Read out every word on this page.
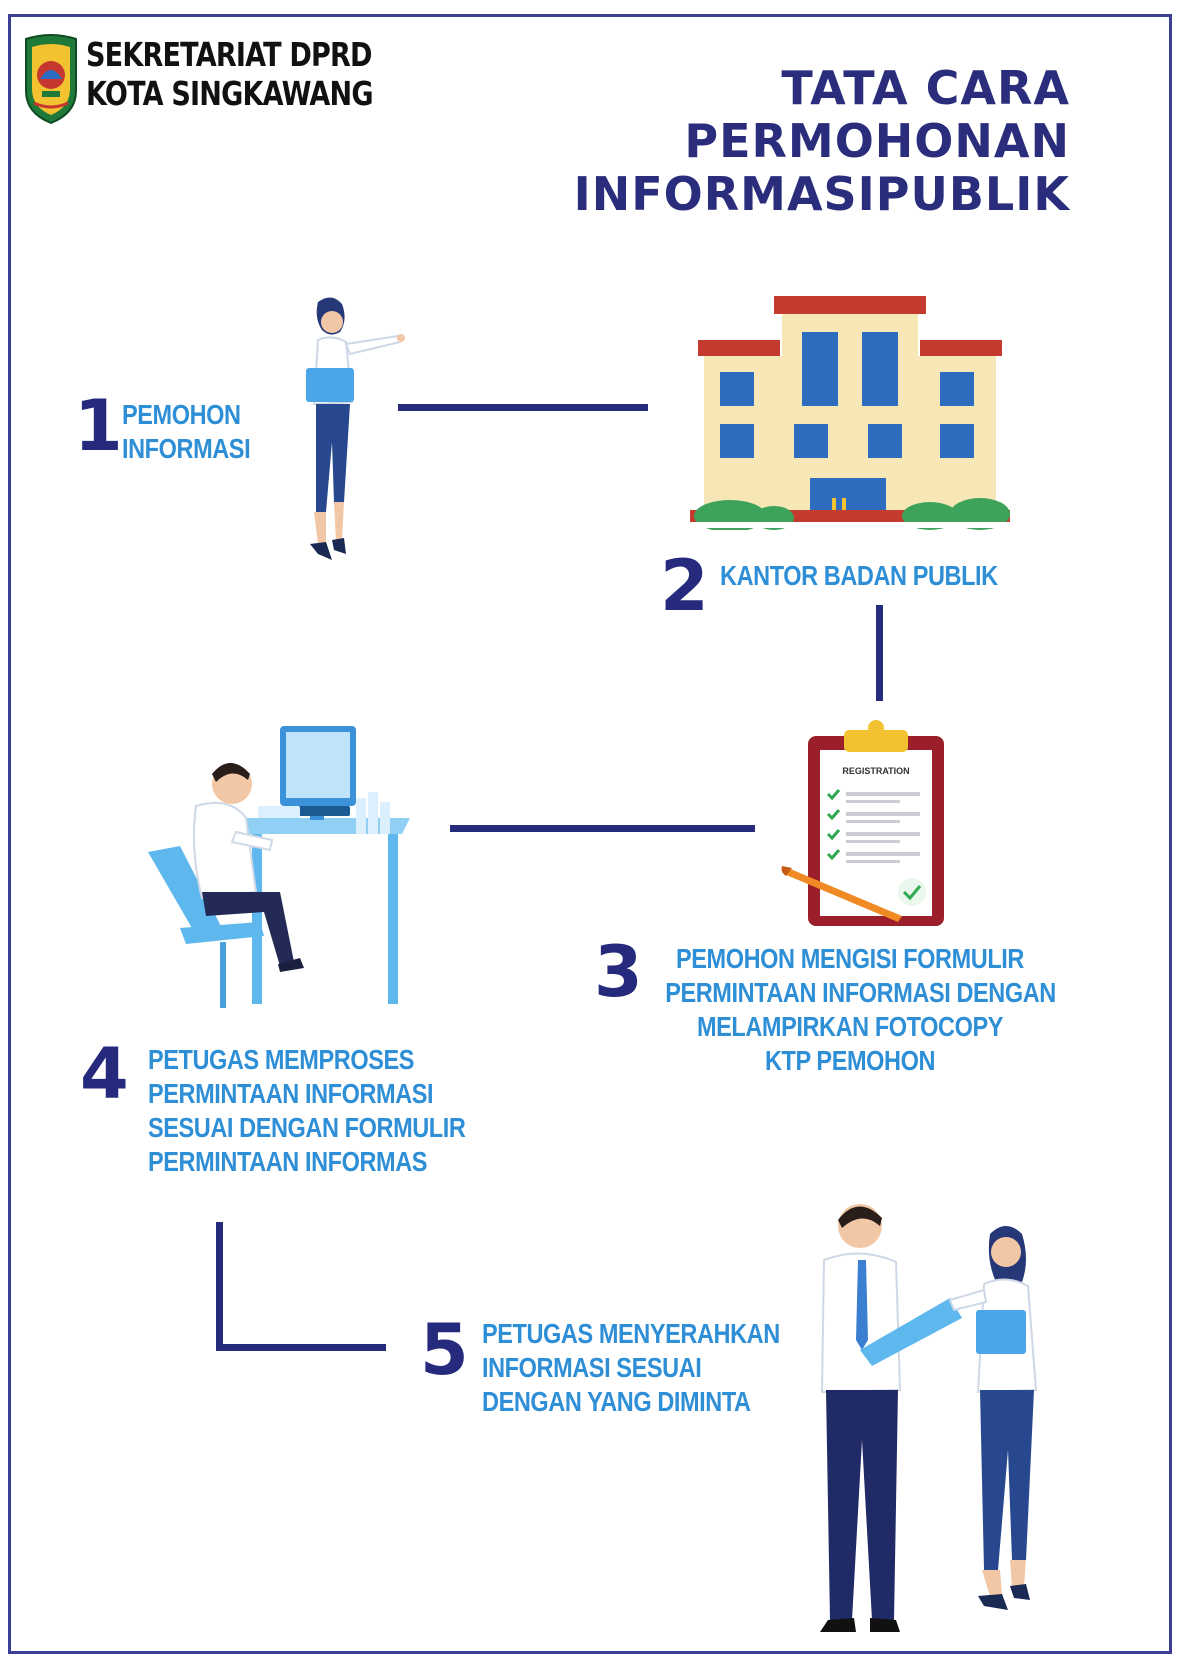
SEKRETARIAT DPRD
KOTA SINGKAWANG	TATA CARA
PERMOHONAN
INFORMASIPUBLIK
1 PEMOHON
INFORMASI
2 KANTOR BADAN PUBLIK
REGISTRATION
3	PEMOHON MENGISI FORMULIR
PERMINTAAN INFORMASI DENGAN
MELAMPIRKAN FOTOCOPY
KTP PEMOHON
4 PETUGAS MEMPROSES
PERMINTAAN INFORMASI
SESUAI DENGAN FORMULIR
PERMINTAAN INFORMAS
5 PETUGAS MENYERAHKAN
INFORMASI SESUAI
DENGAN YANG DIMINTA
